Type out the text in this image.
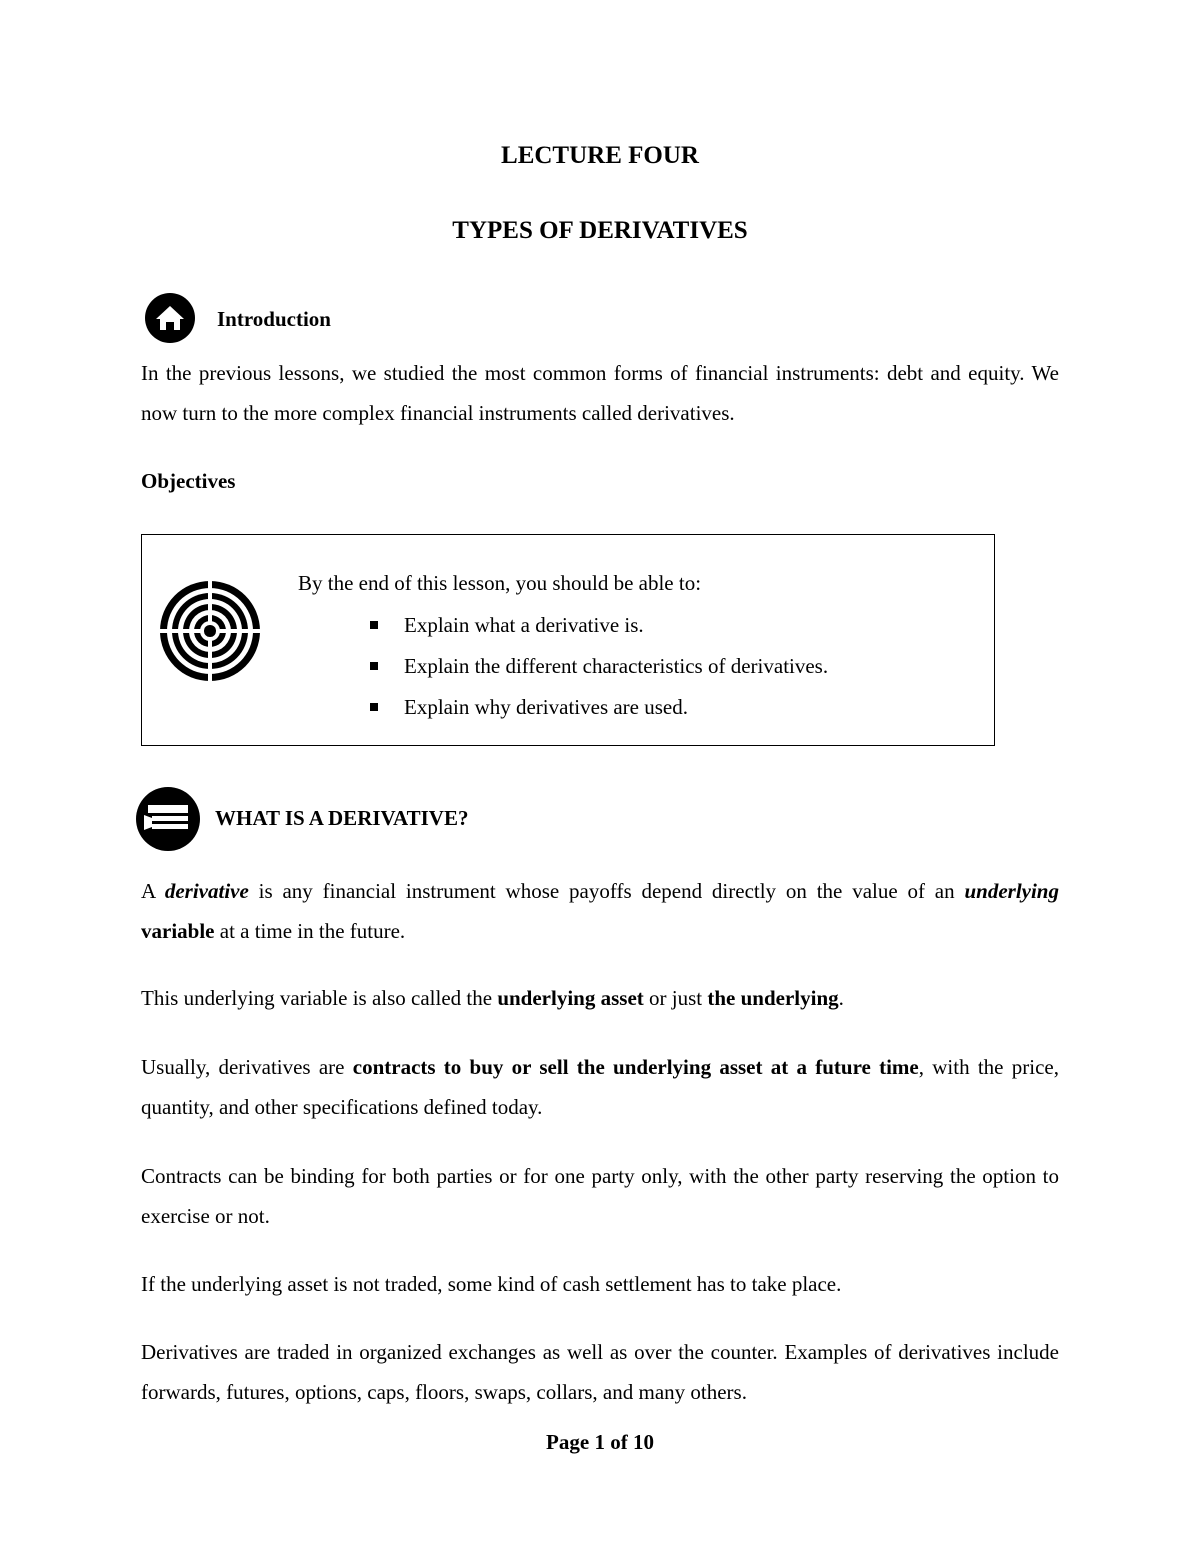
LECTURE FOUR
TYPES OF DERIVATIVES
Introduction
In the previous lessons, we studied the most common forms of financial instruments: debt and equity. We now turn to the more complex financial instruments called derivatives.
Objectives
By the end of this lesson, you should be able to:
Explain what a derivative is.
Explain the different characteristics of derivatives.
Explain why derivatives are used.
WHAT IS A DERIVATIVE?
A derivative is any financial instrument whose payoffs depend directly on the value of an underlying variable at a time in the future.
This underlying variable is also called the underlying asset or just the underlying.
Usually, derivatives are contracts to buy or sell the underlying asset at a future time, with the price, quantity, and other specifications defined today.
Contracts can be binding for both parties or for one party only, with the other party reserving the option to exercise or not.
If the underlying asset is not traded, some kind of cash settlement has to take place.
Derivatives are traded in organized exchanges as well as over the counter. Examples of derivatives include forwards, futures, options, caps, floors, swaps, collars, and many others.
Page 1 of 10
